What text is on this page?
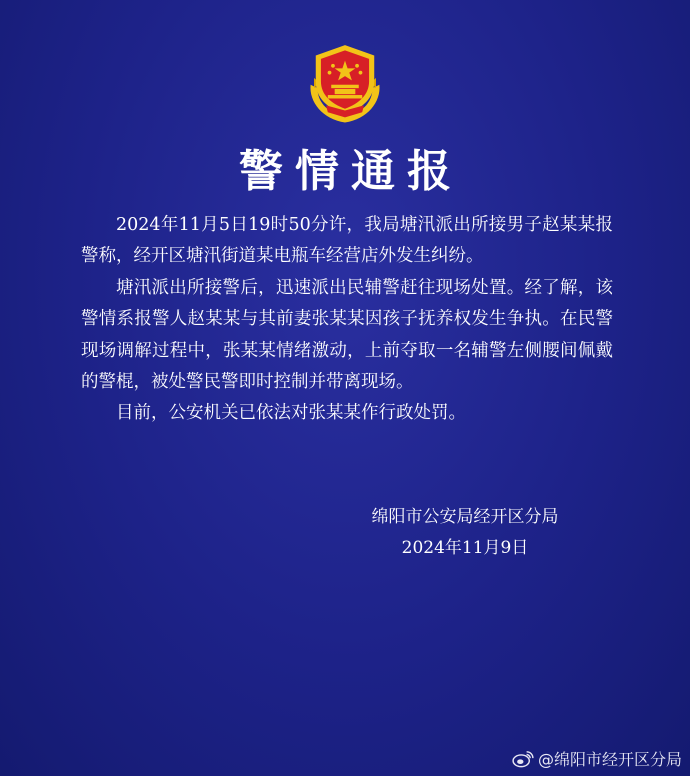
警情通报

2024年11月5日19时50分许，我局塘汛派出所接男子赵某某报警称，经开区塘汛街道某电瓶车经营店外发生纠纷。

塘汛派出所接警后，迅速派出民辅警赶往现场处置。经了解，该警情系报警人赵某某与其前妻张某某因孩子抚养权发生争执。在民警现场调解过程中，张某某情绪激动，上前夺取一名辅警左侧腰间佩戴的警棍，被处警民警即时控制并带离现场。

目前，公安机关已依法对张某某作行政处罚。

绵阳市公安局经开区分局
2024年11月9日
@绵阳市经开区分局
